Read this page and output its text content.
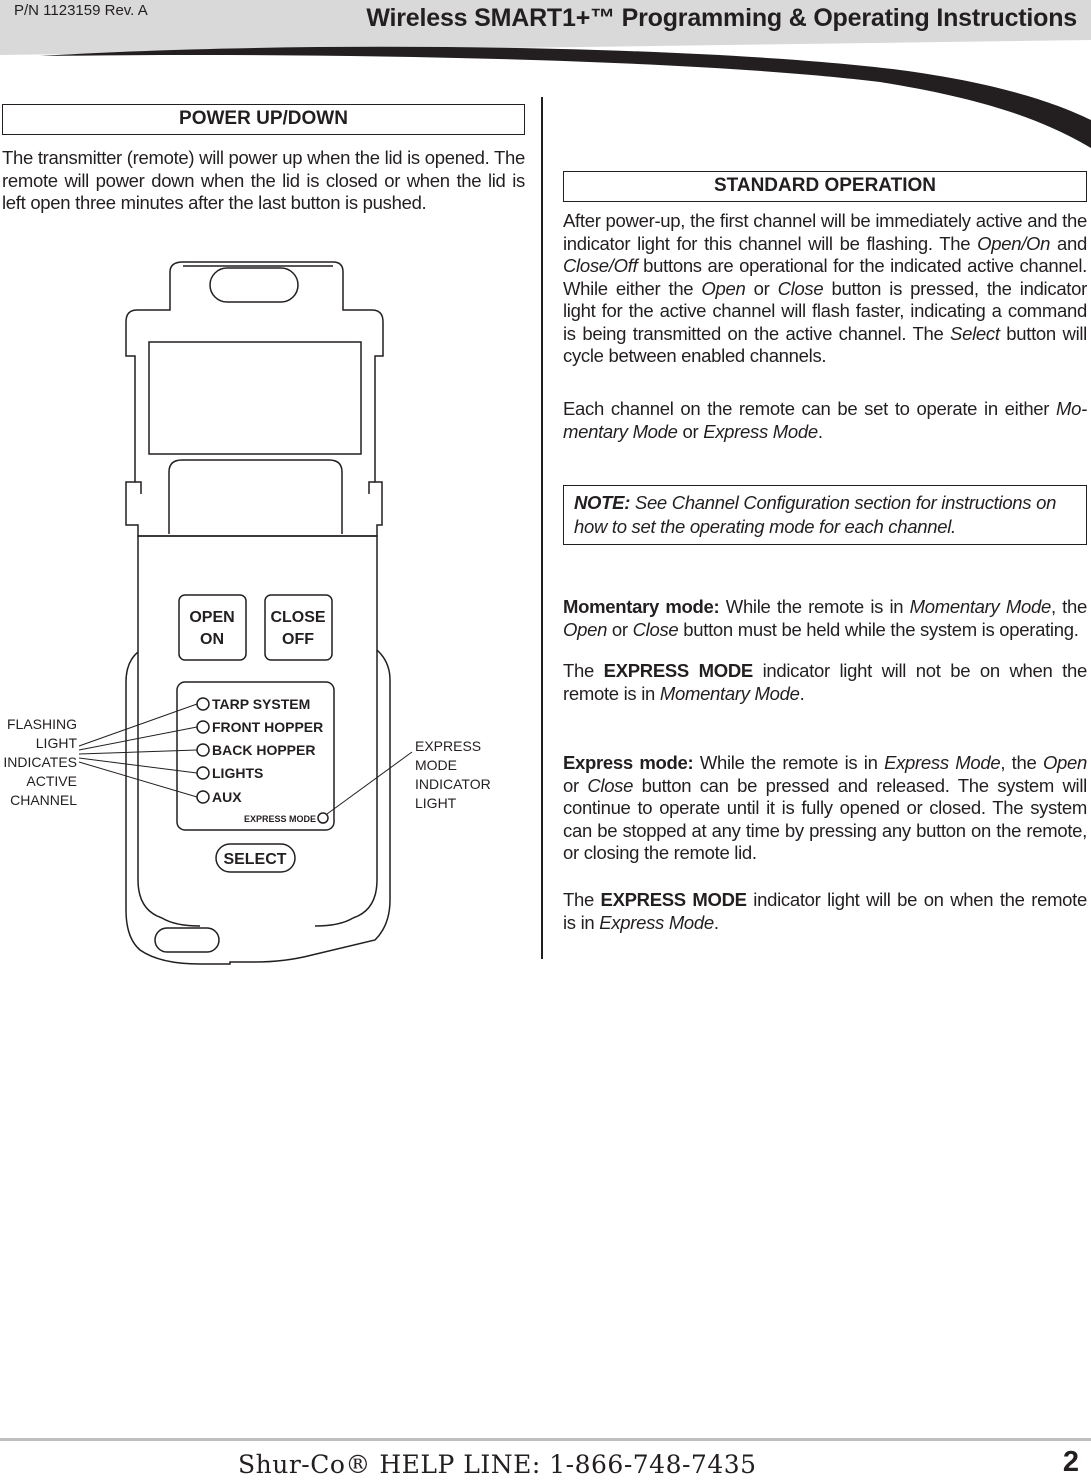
P/N 1123159 Rev. A	Wireless SMART1+™ Programming & Operating Instructions
POWER UP/DOWN

The transmitter (remote) will power up when the lid is opened. The remote will power down when the lid is closed or when the lid is left open three minutes after the last button is pushed.

OPEN
ON
CLOSE
OFF
SELECT
TARP SYSTEM
FRONT HOPPER
BACK HOPPER
LIGHTS
AUX
EXPRESS MODE
FLASHING
LIGHT
INDICATES
ACTIVE
CHANNEL
EXPRESS
MODE
INDICATOR
LIGHT
STANDARD OPERATION

After power-up, the first channel will be immediately active and the indicator light for this channel will be flashing. The Open/On and Close/Off buttons are operational for the indicated active channel. While either the Open or Close button is pressed, the indicator light for the active channel will flash faster, indicating a command is being transmitted on the active channel. The Select button will cycle between enabled channels.

Each channel on the remote can be set to operate in either Mo-mentary Mode or Express Mode.

NOTE: See Channel Configuration section for instructions on how to set the operating mode for each channel.

Momentary mode: While the remote is in Momentary Mode, the Open or Close button must be held while the system is operating.

The EXPRESS MODE indicator light will not be on when the remote is in Momentary Mode.

Express mode: While the remote is in Express Mode, the Open or Close button can be pressed and released. The system will continue to operate until it is fully opened or closed. The system can be stopped at any time by pressing any button on the remote, or closing the remote lid.

The EXPRESS MODE indicator light will be on when the remote is in Express Mode.

Shur-Co® HELP LINE: 1-866-748-7435	2
